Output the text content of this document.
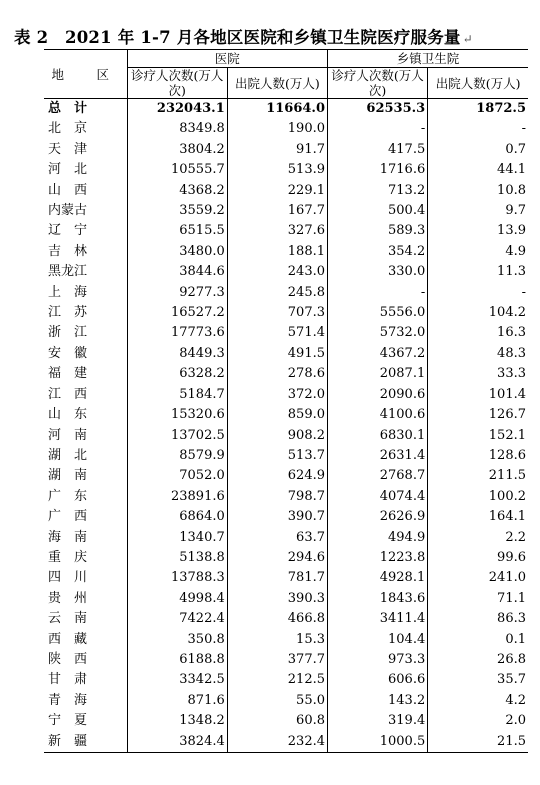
表 2　2021 年 1-7 月各地区医院和乡镇卫生院医疗服务量 ↵
地　区	医院		乡镇卫生院	
	诊疗人次数(万人次)	出院人数(万人)	诊疗人次数(万人次)	出院人数(万人)
总　计	232043.1	11664.0	62535.3	1872.5
北　京	8349.8	190.0	-	-
天　津	3804.2	91.7	417.5	0.7
河　北	10555.7	513.9	1716.6	44.1
山　西	4368.2	229.1	713.2	10.8
内蒙古	3559.2	167.7	500.4	9.7
辽　宁	6515.5	327.6	589.3	13.9
吉　林	3480.0	188.1	354.2	4.9
黑龙江	3844.6	243.0	330.0	11.3
上　海	9277.3	245.8	-	-
江　苏	16527.2	707.3	5556.0	104.2
浙　江	17773.6	571.4	5732.0	16.3
安　徽	8449.3	491.5	4367.2	48.3
福　建	6328.2	278.6	2087.1	33.3
江　西	5184.7	372.0	2090.6	101.4
山　东	15320.6	859.0	4100.6	126.7
河　南	13702.5	908.2	6830.1	152.1
湖　北	8579.9	513.7	2631.4	128.6
湖　南	7052.0	624.9	2768.7	211.5
广　东	23891.6	798.7	4074.4	100.2
广　西	6864.0	390.7	2626.9	164.1
海　南	1340.7	63.7	494.9	2.2
重　庆	5138.8	294.6	1223.8	99.6
四　川	13788.3	781.7	4928.1	241.0
贵　州	4998.4	390.3	1843.6	71.1
云　南	7422.4	466.8	3411.4	86.3
西　藏	350.8	15.3	104.4	0.1
陕　西	6188.8	377.7	973.3	26.8
甘　肃	3342.5	212.5	606.6	35.7
青　海	871.6	55.0	143.2	4.2
宁　夏	1348.2	60.8	319.4	2.0
新　疆	3824.4	232.4	1000.5	21.5
